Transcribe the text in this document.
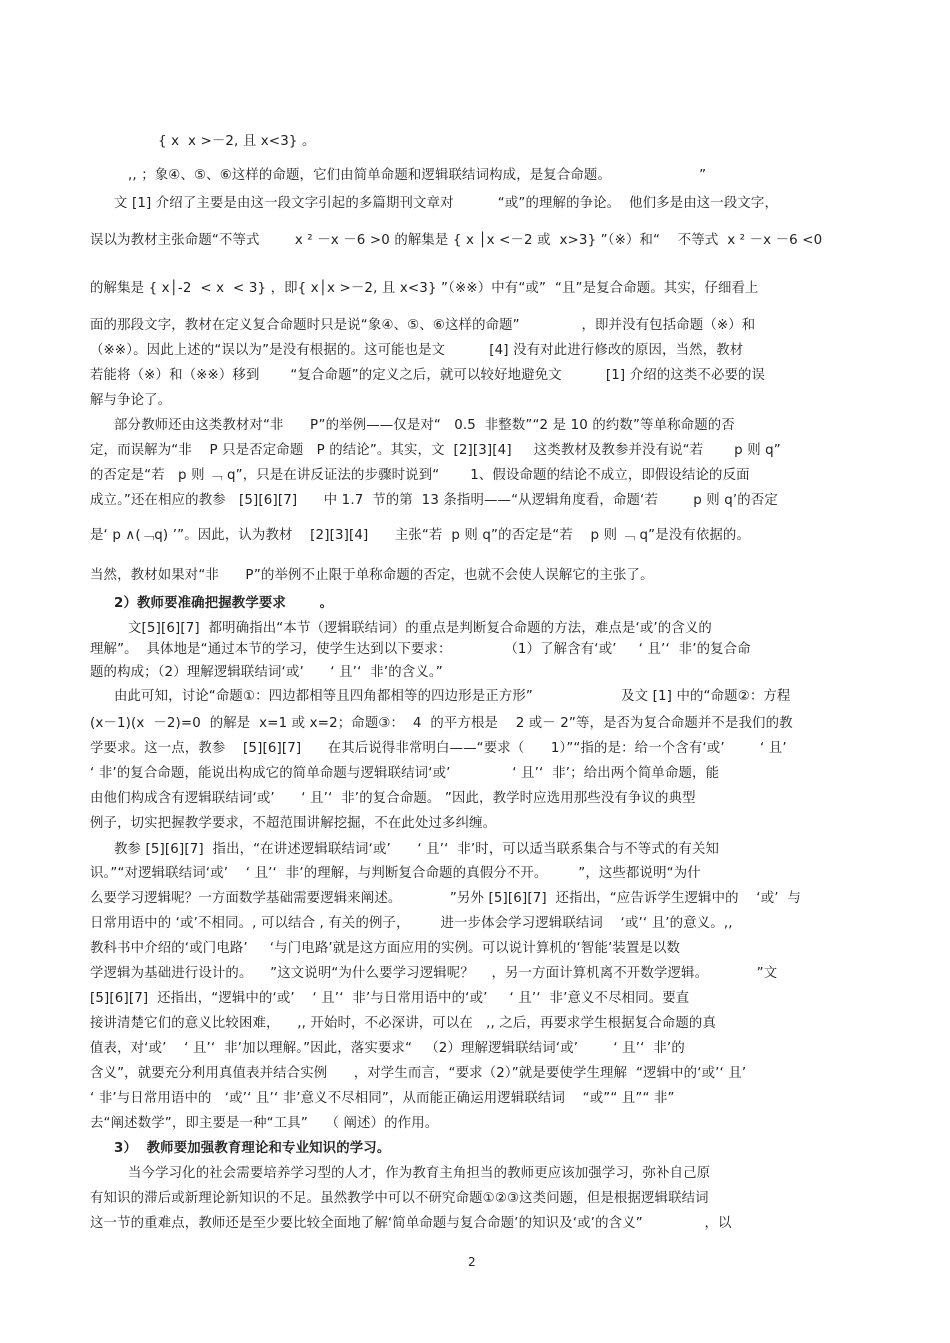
{ x  x >－2, 且 x<3} 。
,, ；象④、⑤、⑥这样的命题，它们由简单命题和逻辑联结词构成，是复合命题。                    ”
文 [1] 介绍了主要是由这一段文字引起的多篇期刊文章对          “或”的理解的争论。  他们多是由这一段文字，
误以为教材主张命题“不等式        x ² －x －6 >0 的解集是 { x │x <－2 或  x>3} ”（※）和“    不等式  x ² －x －6 <0
的解集是 { x│-2  < x  < 3} ，即{ x│x >－2, 且 x<3} ”（※※）中有“或”  “且”是复合命题。其实，仔细看上
面的那段文字，教材在定义复合命题时只是说“象④、⑤、⑥这样的命题”              ，即并没有包括命题（※）和
（※※）。因此上述的“误以为”是没有根据的。这可能也是文          [4] 没有对此进行修改的原因，当然，教材
若能将（※）和（※※）移到       “复合命题”的定义之后，就可以较好地避免文          [1] 介绍的这类不必要的误
解与争论了。
部分教师还由这类教材对“非      P”的举例——仅是对“   0.5  非整数”“2 是 10 的约数”等单称命题的否
定，而误解为“非    P 只是否定命题   P 的结论”。其实，文  [2][3][4]     这类教材及教参并没有说“若       p 则 q”
的否定是“若   p 则 ﹁ q”，只是在讲反证法的步骤时说到“       1、假设命题的结论不成立，即假设结论的反面
成立。”还在相应的教参   [5][6][7]      中 1.7  节的第  13 条指明——“从逻辑角度看，命题‘若        p 则 q’的否定
是‘ p ∧(﹁q) ’”。因此，认为教材    [2][3][4]      主张“若  p 则 q”的否定是“若    p 则 ﹁ q”是没有依据的。
当然，教材如果对“非      P”的举例不止限于单称命题的否定，也就不会使人误解它的主张了。
2）教师要准确把握教学要求       。
文[5][6][7]  都明确指出“本节（逻辑联结词）的重点是判断复合命题的方法，难点是‘或’的含义的
理解”。  具体地是“通过本节的学习，使学生达到以下要求：            （1）了解含有‘或’     ‘ 且’‘  非’的复合命
题的构成；（2）理解逻辑联结词‘或’      ‘ 且’‘  非’的含义。”
由此可知，讨论“命题①：四边都相等且四角都相等的四边形是正方形”                    及文 [1] 中的“命题②：方程
(x－1)(x  －2)=0  的解是  x=1 或 x=2；命题③：  4  的平方根是    2 或－ 2”等，是否为复合命题并不是我们的教
学要求。这一点，教参    [5][6][7]      在其后说得非常明白——“要求（      1）”“指的是：给一个含有‘或’        ‘ 且’
‘ 非’的复合命题，能说出构成它的简单命题与逻辑联结词‘或’              ‘ 且’‘  非’；给出两个简单命题，能
由他们构成含有逻辑联结词‘或’      ‘ 且’‘  非’的复合命题。 ”因此，教学时应选用那些没有争议的典型
例子，切实把握教学要求，不超范围讲解挖掘，不在此处过多纠缠。
教参 [5][6][7]  指出，“在讲述逻辑联结词‘或’      ‘ 且’‘  非’时，可以适当联系集合与不等式的有关知
识。”“对逻辑联结词‘或’    ‘ 且’‘  非’的理解，与判断复合命题的真假分不开。       ”，这些都说明“为什
么要学习逻辑呢？一方面数学基础需要逻辑来阐述。           ”另外 [5][6][7]  还指出，“应告诉学生逻辑中的    ‘或’  与
日常用语中的 ‘或’不相同。, 可以结合 , 有关的例子，       进一步体会学习逻辑联结词    ‘或’‘ 且’的意义。,,
教科书中介绍的‘或门电路’     ‘与门电路’就是这方面应用的实例。可以说计算机的‘智能’装置是以数
学逻辑为基础进行设计的。    ”这文说明“为什么要学习逻辑呢？    ，另一方面计算机离不开数学逻辑。           ”文
[5][6][7]  还指出，“逻辑中的‘或’    ‘ 且’‘  非’与日常用语中的‘或’     ‘ 且’‘  非’意义不尽相同。要直
接讲清楚它们的意义比较困难，    ,, 开始时，不必深讲，可以在   ,, 之后，再要求学生根据复合命题的真
值表，对‘或’    ‘ 且’‘  非’加以理解。”因此，落实要求“   （2）理解逻辑联结词‘或’        ‘ 且’‘  非’的
含义”，就要充分利用真值表并结合实例      ，对学生而言，“要求（2）”就是要使学生理解  “逻辑中的‘或’‘ 且’
‘ 非’与日常用语中的   ‘或’‘ 且’‘ 非’意义不尽相同”，从而能正确运用逻辑联结词    “或”“ 且”“ 非”
去“阐述数学”，即主要是一种“工具”    （ 阐述）的作用。
3）  教师要加强教育理论和专业知识的学习。
当今学习化的社会需要培养学习型的人才，作为教育主角担当的教师更应该加强学习，弥补自己原
有知识的滞后或新理论新知识的不足。虽然教学中可以不研究命题①②③这类问题，但是根据逻辑联结词
这一节的重难点，教师还是至少要比较全面地了解‘简单命题与复合命题’的知识及‘或’的含义”              ，以
2
